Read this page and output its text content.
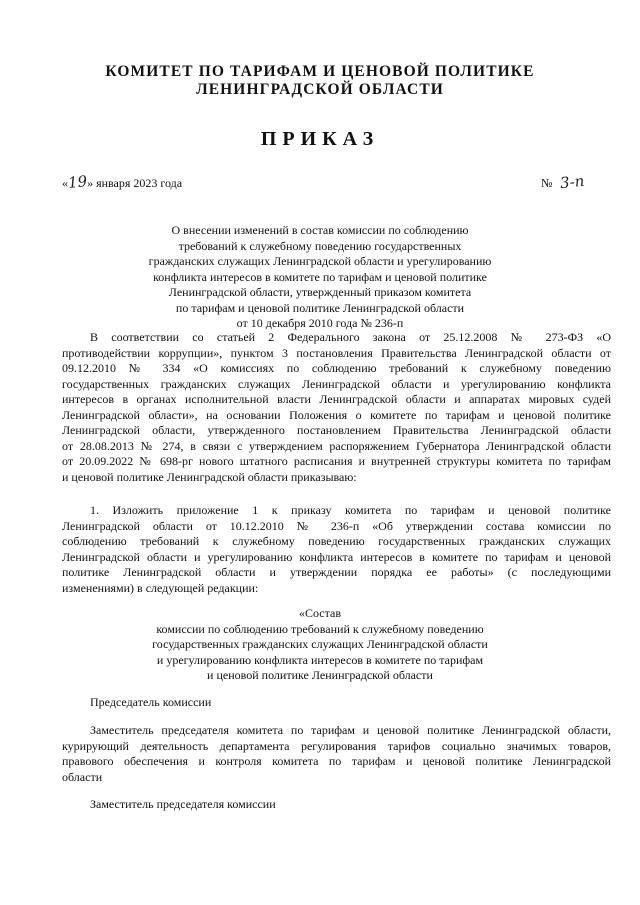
КОМИТЕТ ПО ТАРИФАМ И ЦЕНОВОЙ ПОЛИТИКЕ
ЛЕНИНГРАДСКОЙ ОБЛАСТИ
ПРИКАЗ
«19» января 2023 года	№ 3-п
О внесении изменений в состав комиссии по соблюдению
требований к служебному поведению государственных
гражданских служащих Ленинградской области и урегулированию
конфликта интересов в комитете по тарифам и ценовой политике
Ленинградской области, утвержденный приказом комитета
по тарифам и ценовой политике Ленинградской области
от 10 декабря 2010 года № 236-п
В соответствии со статьей 2 Федерального закона от 25.12.2008 № 273-ФЗ «О
противодействии коррупции», пунктом 3 постановления Правительства Ленинградской области от
09.12.2010 № 334 «О комиссиях по соблюдению требований к служебному поведению
государственных гражданских служащих Ленинградской области и урегулированию конфликта
интересов в органах исполнительной власти Ленинградской области и аппаратах мировых судей
Ленинградской области», на основании Положения о комитете по тарифам и ценовой политике
Ленинградской области, утвержденного постановлением Правительства Ленинградской области
от 28.08.2013 № 274, в связи с утверждением распоряжением Губернатора Ленинградской области
от 20.09.2022 № 698-рг нового штатного расписания и внутренней структуры комитета по тарифам
и ценовой политике Ленинградской области приказываю:
1. Изложить приложение 1 к приказу комитета по тарифам и ценовой политике
Ленинградской области от 10.12.2010 № 236-п «Об утверждении состава комиссии по
соблюдению требований к служебному поведению государственных гражданских служащих
Ленинградской области и урегулированию конфликта интересов в комитете по тарифам и ценовой
политике Ленинградской области и утверждении порядка ее работы» (с последующими
изменениями) в следующей редакции:
«Состав
комиссии по соблюдению требований к служебному поведению
государственных гражданских служащих Ленинградской области
и урегулированию конфликта интересов в комитете по тарифам
и ценовой политике Ленинградской области
Председатель комиссии
Заместитель председателя комитета по тарифам и ценовой политике Ленинградской области,
курирующий деятельность департамента регулирования тарифов социально значимых товаров,
правового обеспечения и контроля комитета по тарифам и ценовой политике Ленинградской
области
Заместитель председателя комиссии
